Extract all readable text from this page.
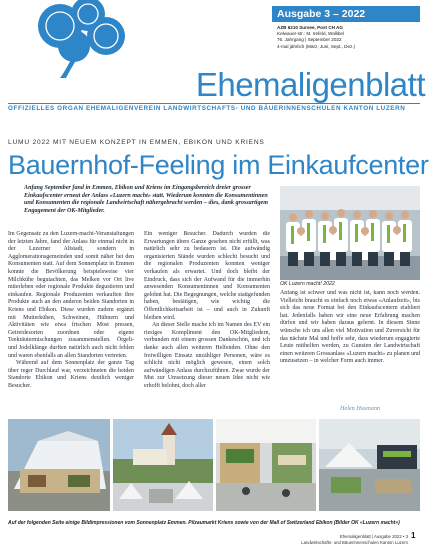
Ausgabe 3 – 2022
AZB 6210 Sursee, Post CH AG
Kelwauer-str.: M. Irefeld, Wallibel
76. Jahrgang | September 2022
4-mal jährlich (März, Juni, Sept., Dez.)
Ehemaligenblatt
OFFIZIELLES ORGAN EHEMALIGENVEREIN LANDWIRTSCHAFTS- UND BÄUERINNENSCHULEN KANTON LUZERN
LUMU 2022 MIT NEUEM KONZEPT IN EMMEN, EBIKON UND KRIENS
Bauernhof-Feeling im Einkaufcenter
Anfang September fand in Emmen, Ebikon und Kriens im Eingangsbereich dreier grosser Einkaufscenter erneut der Anlass «Luzern macht» statt. Wiederum konnten die Konsumentinnen und Konsumenten die regionale Landwirtschaft nähergebracht werden – dies, dank grossartigem Engagement der OK-Mitglieder.

Im Gegensatz zu den Luzern-macht-Veranstaltungen der letzten Jahre, fand der Anlass für einmal nicht in der Luzerner Altstadt, sondern in Agglomerationsgemeinden und somit näher bei den Konsumenten statt. Auf dem Sonnenplatz in Emmen konnte die Bevölkerung beispielsweise vier Milchkühe begutachten, das Melken vor Ort live miterleben oder regionale Produkte degustieren und einkaufen. Regionale Produzenten verkauften ihre Produkte auch an den anderen beiden Standorten in Kriens und Ebikon. Diese wurden zudem ergänzt mit Mutterkühen, Schweinen, Hühnern und Aktivitäten wie etwa frischen Most pressen, Getreidesorten zuordnen oder eigene Teekräutermischungen zusammenstellen. Örgeli- und Jodelklänge durften natürlich auch nicht fehlen und waren ebenfalls an allen Standorten vertreten.

Während auf dem Sonnenplatz der ganze Tag über reger Durchlauf war, verzeichneten die beiden Standorte Ebikon und Kriens deutlich weniger Besucher.

Ein weniger Besucher. Dadurch wurden die Erwartungen übers Ganze gesehen nicht erfüllt, was natürlich sehr zu bedauern ist. Die aufwändig organisierten Stände wurden schlecht besucht und die regionalen Produzenten konnten weniger verkaufen als erwartet. Und doch bleibt der Eindruck, dass sich der Aufwand für die immerhin anwesenden Konsumentinnen und Konsumenten gelohnt hat. Die Begegnungen, welche stattgefunden haben, bestätigen, wie wichtig die Öffentlichkeitsarbeit ist – und auch in Zukunft bleiben wird.

An dieser Stelle mache ich im Namen des EV ein riesiges Kompliment den OK-Mitgliedern, verbunden mit einem grossen Dankeschön, und ich danke auch allen weiteren Helfenden. Ohne den freiwilligen Einsatz unzähliger Personen, wäre es schlicht nicht möglich gewesen, einen solch aufwändigen Anlass durchzuführen. Zwar wurde der Mut zur Umsetzung dieser neuen Idee nicht wie erhofft belohnt, doch aller

OK Luzern macht! 2022

Anfang ist schwer und was nicht ist, kann noch werden. Vielleicht braucht es einfach noch etwas «Anlaufzeit», bis sich das neue Format bei den Einkaufscentern etabliert hat. Jedenfalls haben wir eine neue Erfahrung machen dürfen und wir haben daraus gelernt. In diesem Sinne wünsche ich uns allen viel Motivation und Zuversicht für das nächste Mal und hoffe sehr, dass wiederum engagierte Leute mithelfen werden, zu Gunsten der Landwirtschaft einen weiteren Grossanlass «Luzern macht» zu planen und umzusetzen – in welcher Form auch immer.

Helen Husmann
Auf der folgenden Seite einige Bildimpressionen vom Sonnenplatz Emmen. Pilzaumarkt Kriens sowie von der Mall of Switzerland Ebikon (Bilder OK «Luzern macht»)
Ehemaligenblatt | Ausgabe 2022 • 3
Landwirtschafts- und Bäuerinnenschulen Kanton Luzern
1
